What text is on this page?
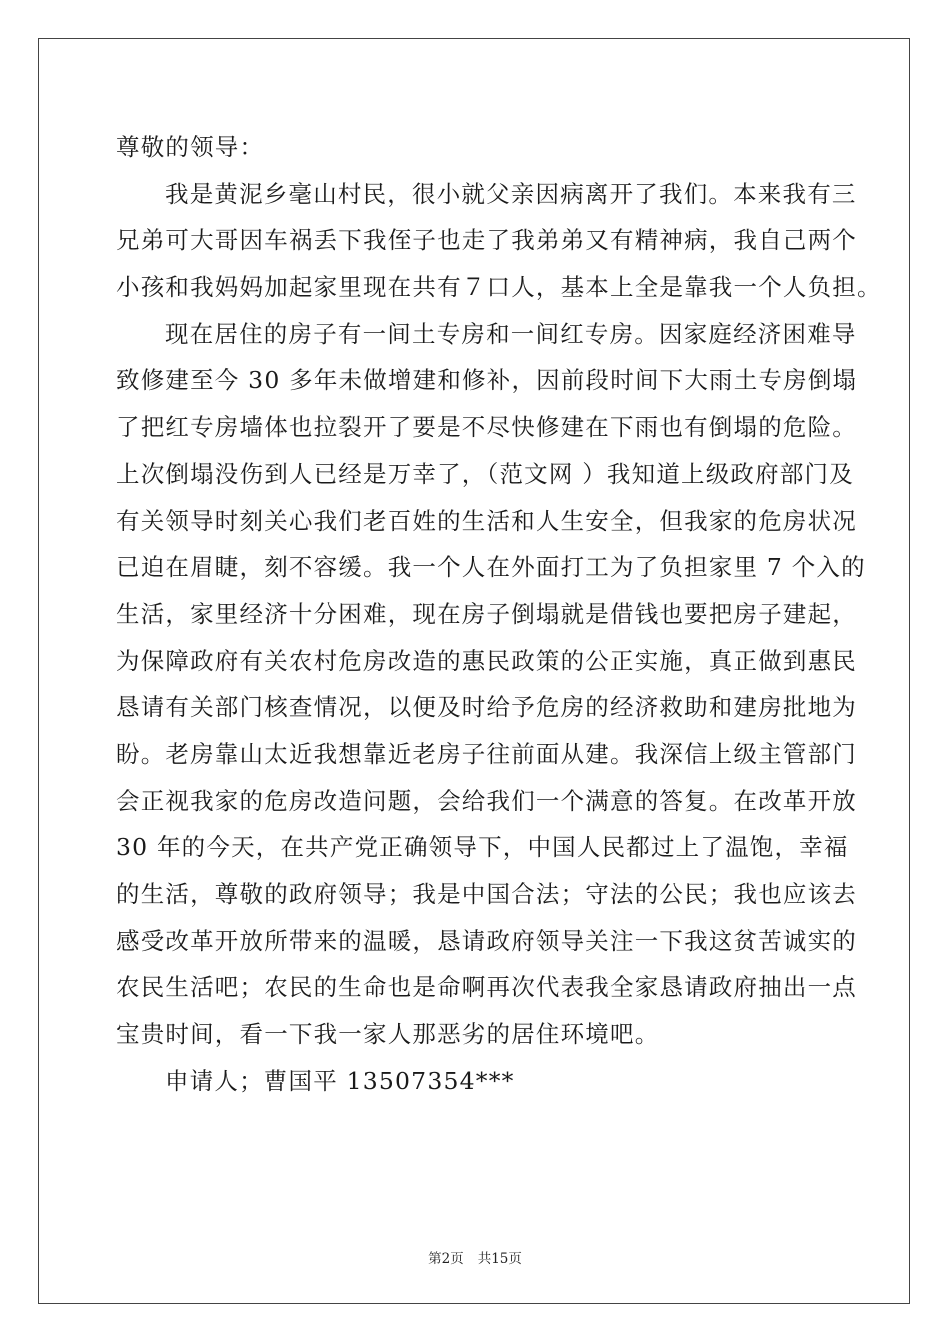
尊敬的领导：
我是黄泥乡毫山村民，很小就父亲因病离开了我们。本来我有三
兄弟可大哥因车祸丢下我侄子也走了我弟弟又有精神病，我自己两个
小孩和我妈妈加起家里现在共有７口人，基本上全是靠我一个人负担。
现在居住的房子有一间土专房和一间红专房。因家庭经济困难导
致修建至今 30 多年未做增建和修补，因前段时间下大雨土专房倒塌
了把红专房墙体也拉裂开了要是不尽快修建在下雨也有倒塌的危险。
上次倒塌没伤到人已经是万幸了，（范文网 ）我知道上级政府部门及
有关领导时刻关心我们老百姓的生活和人生安全，但我家的危房状况
已迫在眉睫，刻不容缓。我一个人在外面打工为了负担家里 7 个入的
生活，家里经济十分困难，现在房子倒塌就是借钱也要把房子建起，
为保障政府有关农村危房改造的惠民政策的公正实施，真正做到惠民
恳请有关部门核查情况，以便及时给予危房的经济救助和建房批地为
盼。老房靠山太近我想靠近老房子往前面从建。我深信上级主管部门
会正视我家的危房改造问题，会给我们一个满意的答复。在改革开放
30 年的今天，在共产党正确领导下，中国人民都过上了温饱，幸福
的生活，尊敬的政府领导；我是中国合法；守法的公民；我也应该去
感受改革开放所带来的温暖，恳请政府领导关注一下我这贫苦诚实的
农民生活吧；农民的生命也是命啊再次代表我全家恳请政府抽出一点
宝贵时间，看一下我一家人那恶劣的居住环境吧。
申请人；曹国平 13507354***
第2页 共15页
